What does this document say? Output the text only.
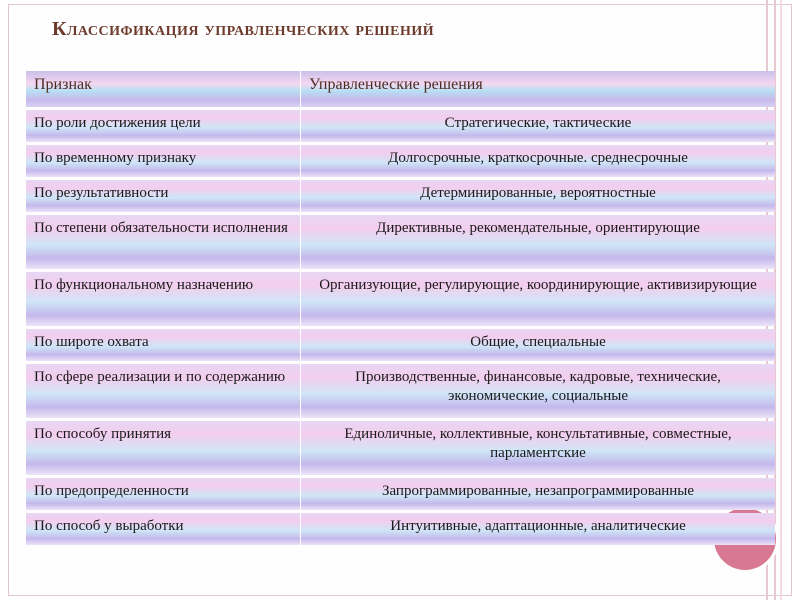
Классификация управленческих решений
Признак	Управленческие решения
По роли достижения цели	Стратегические, тактические
По временному признаку	Долгосрочные, краткосрочные. среднесрочные
По результативности	Детерминированные, вероятностные
По степени обязательности исполнения	Директивные, рекомендательные, ориентирующие
По функциональному назначению	Организующие, регулирующие, координирующие, активизирующие
По широте охвата	Общие, специальные
По сфере реализации и по содержанию	Производственные, финансовые, кадровые, технические, экономические, социальные
По способу принятия	Единоличные, коллективные, консультативные, совместные, парламентские
По предопределенности	Запрограммированные, незапрограммированные
По способ у выработки	Интуитивные, адаптационные, аналитические
